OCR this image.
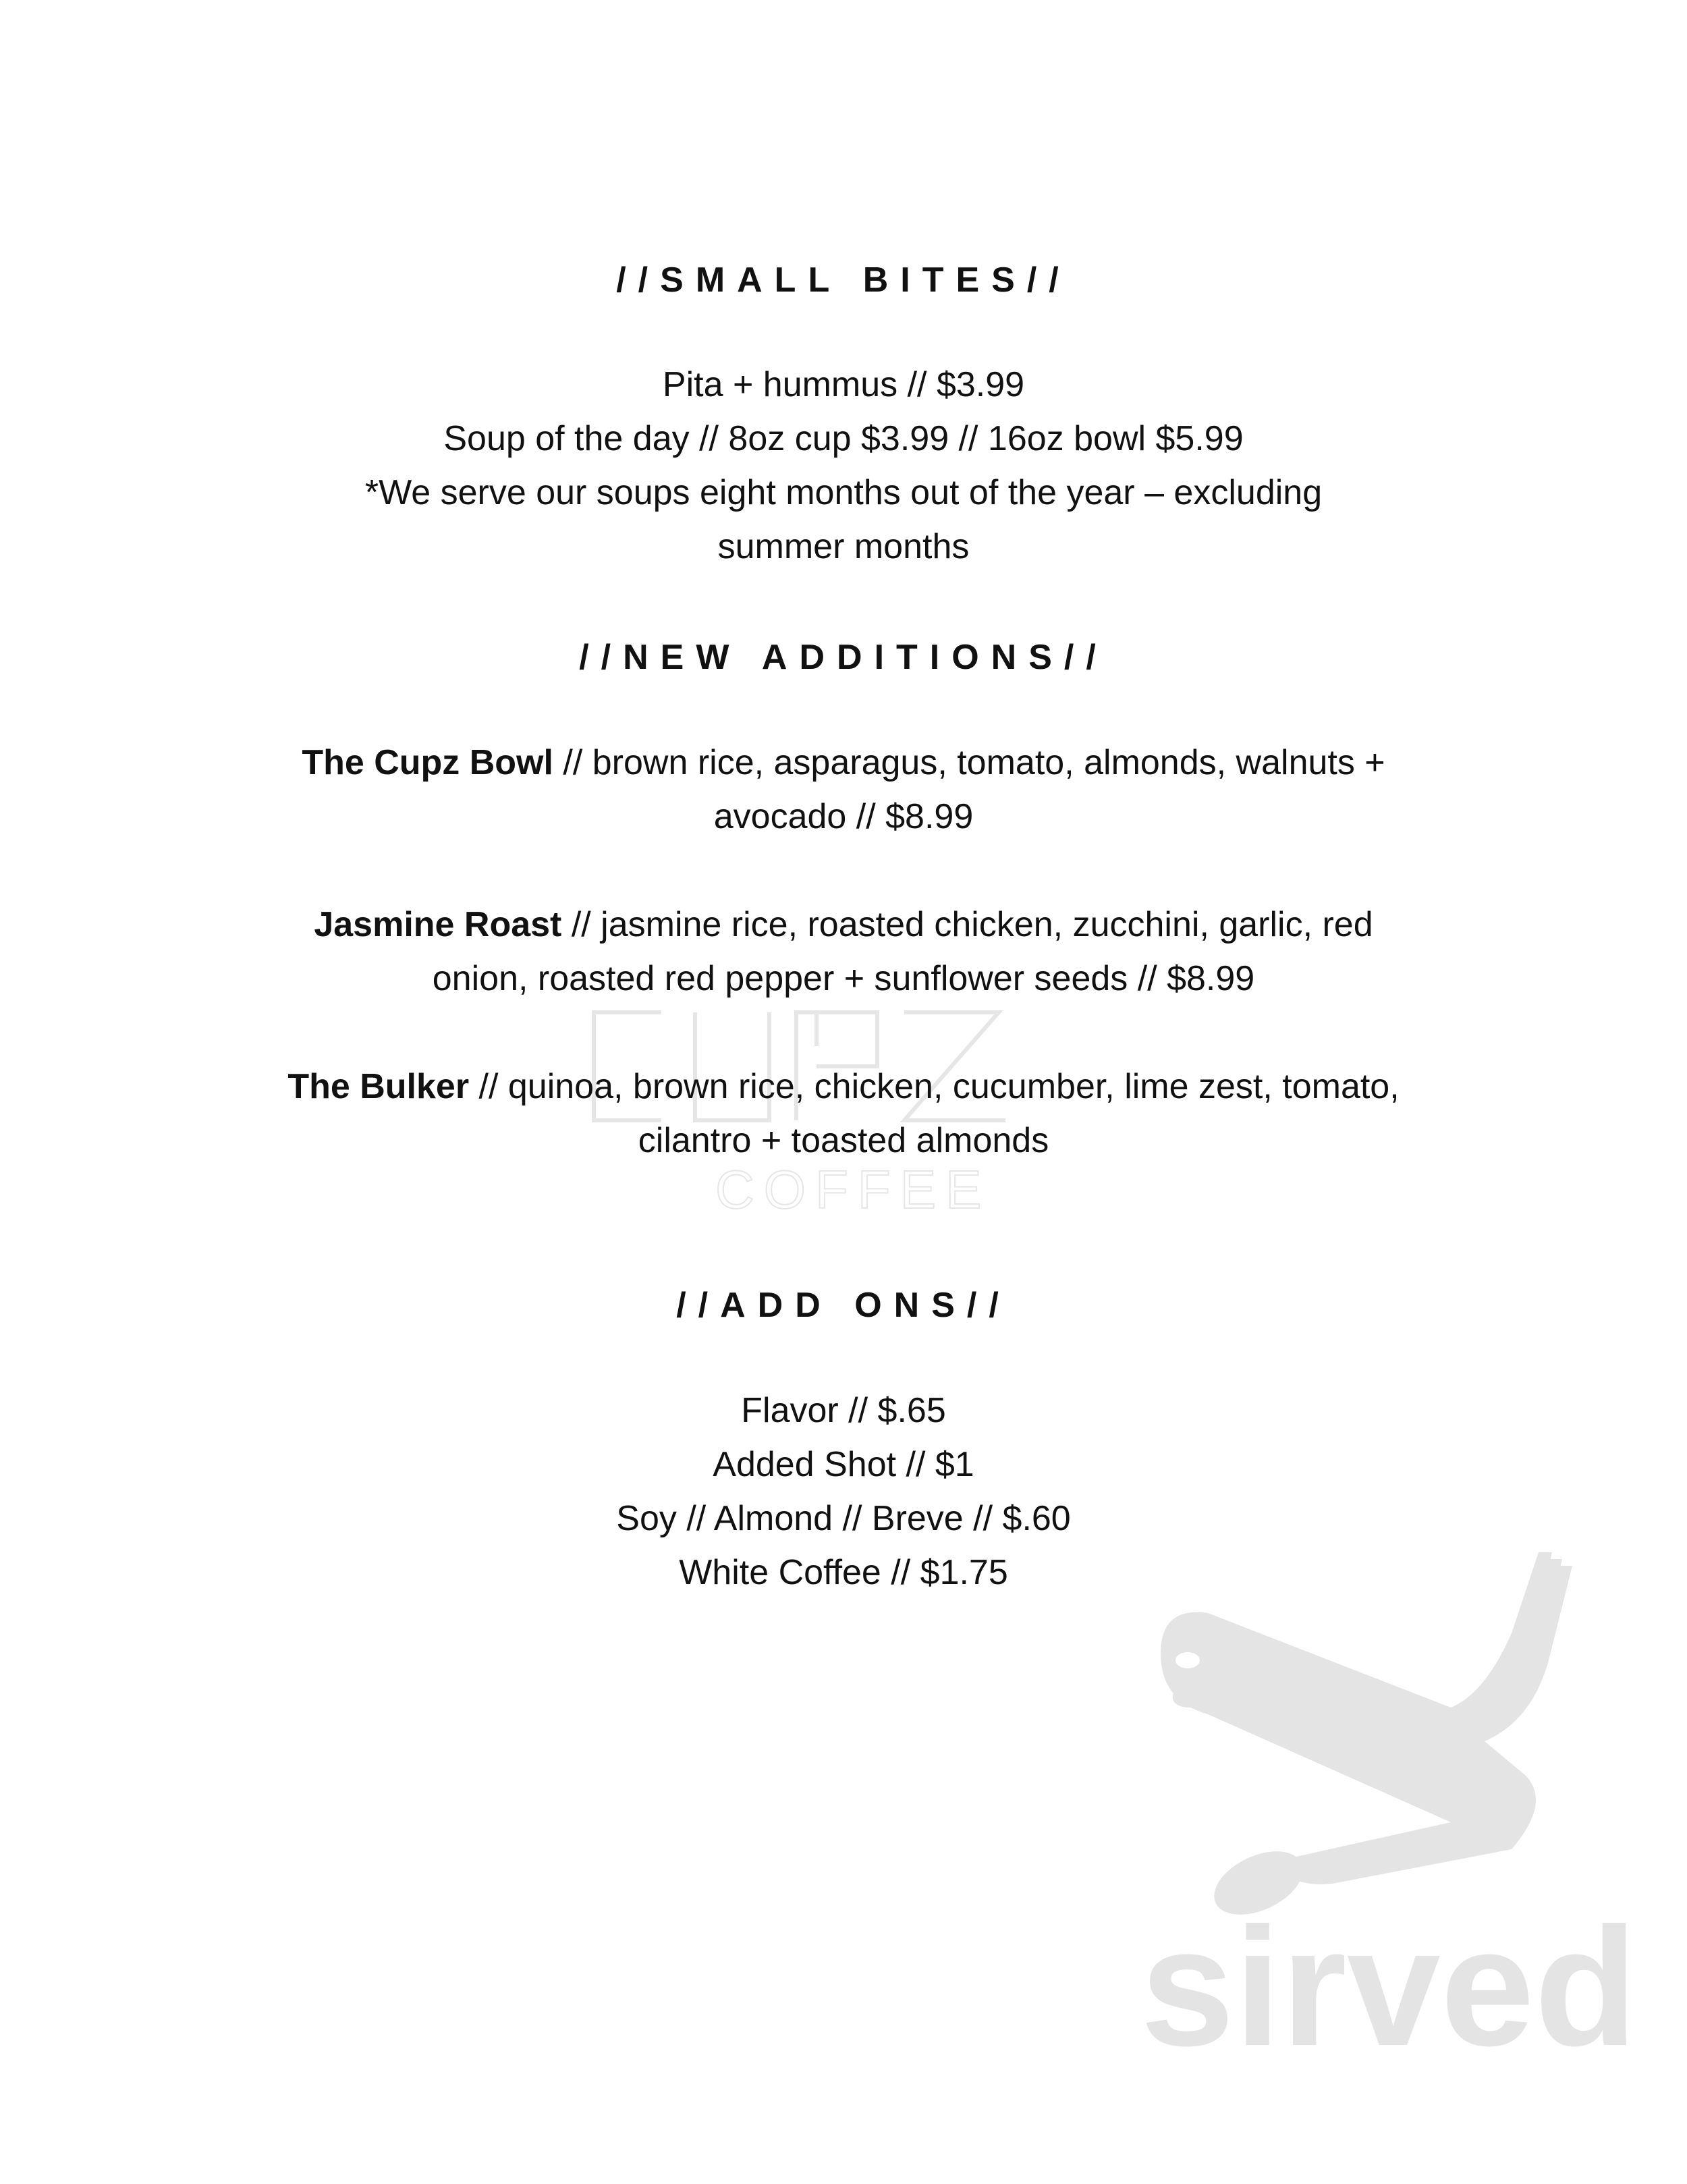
COFFEE
sirved
//SMALL BITES//
Pita + hummus // $3.99
Soup of the day // 8oz cup $3.99 // 16oz bowl $5.99
*We serve our soups eight months out of the year – excluding
summer months
//NEW ADDITIONS//
The Cupz Bowl // brown rice, asparagus, tomato, almonds, walnuts +
avocado // $8.99
Jasmine Roast // jasmine rice, roasted chicken, zucchini, garlic, red
onion, roasted red pepper + sunflower seeds // $8.99
The Bulker // quinoa, brown rice, chicken, cucumber, lime zest, tomato,
cilantro + toasted almonds
//ADD ONS//
Flavor // $.65
Added Shot // $1
Soy // Almond // Breve // $.60
White Coffee // $1.75
